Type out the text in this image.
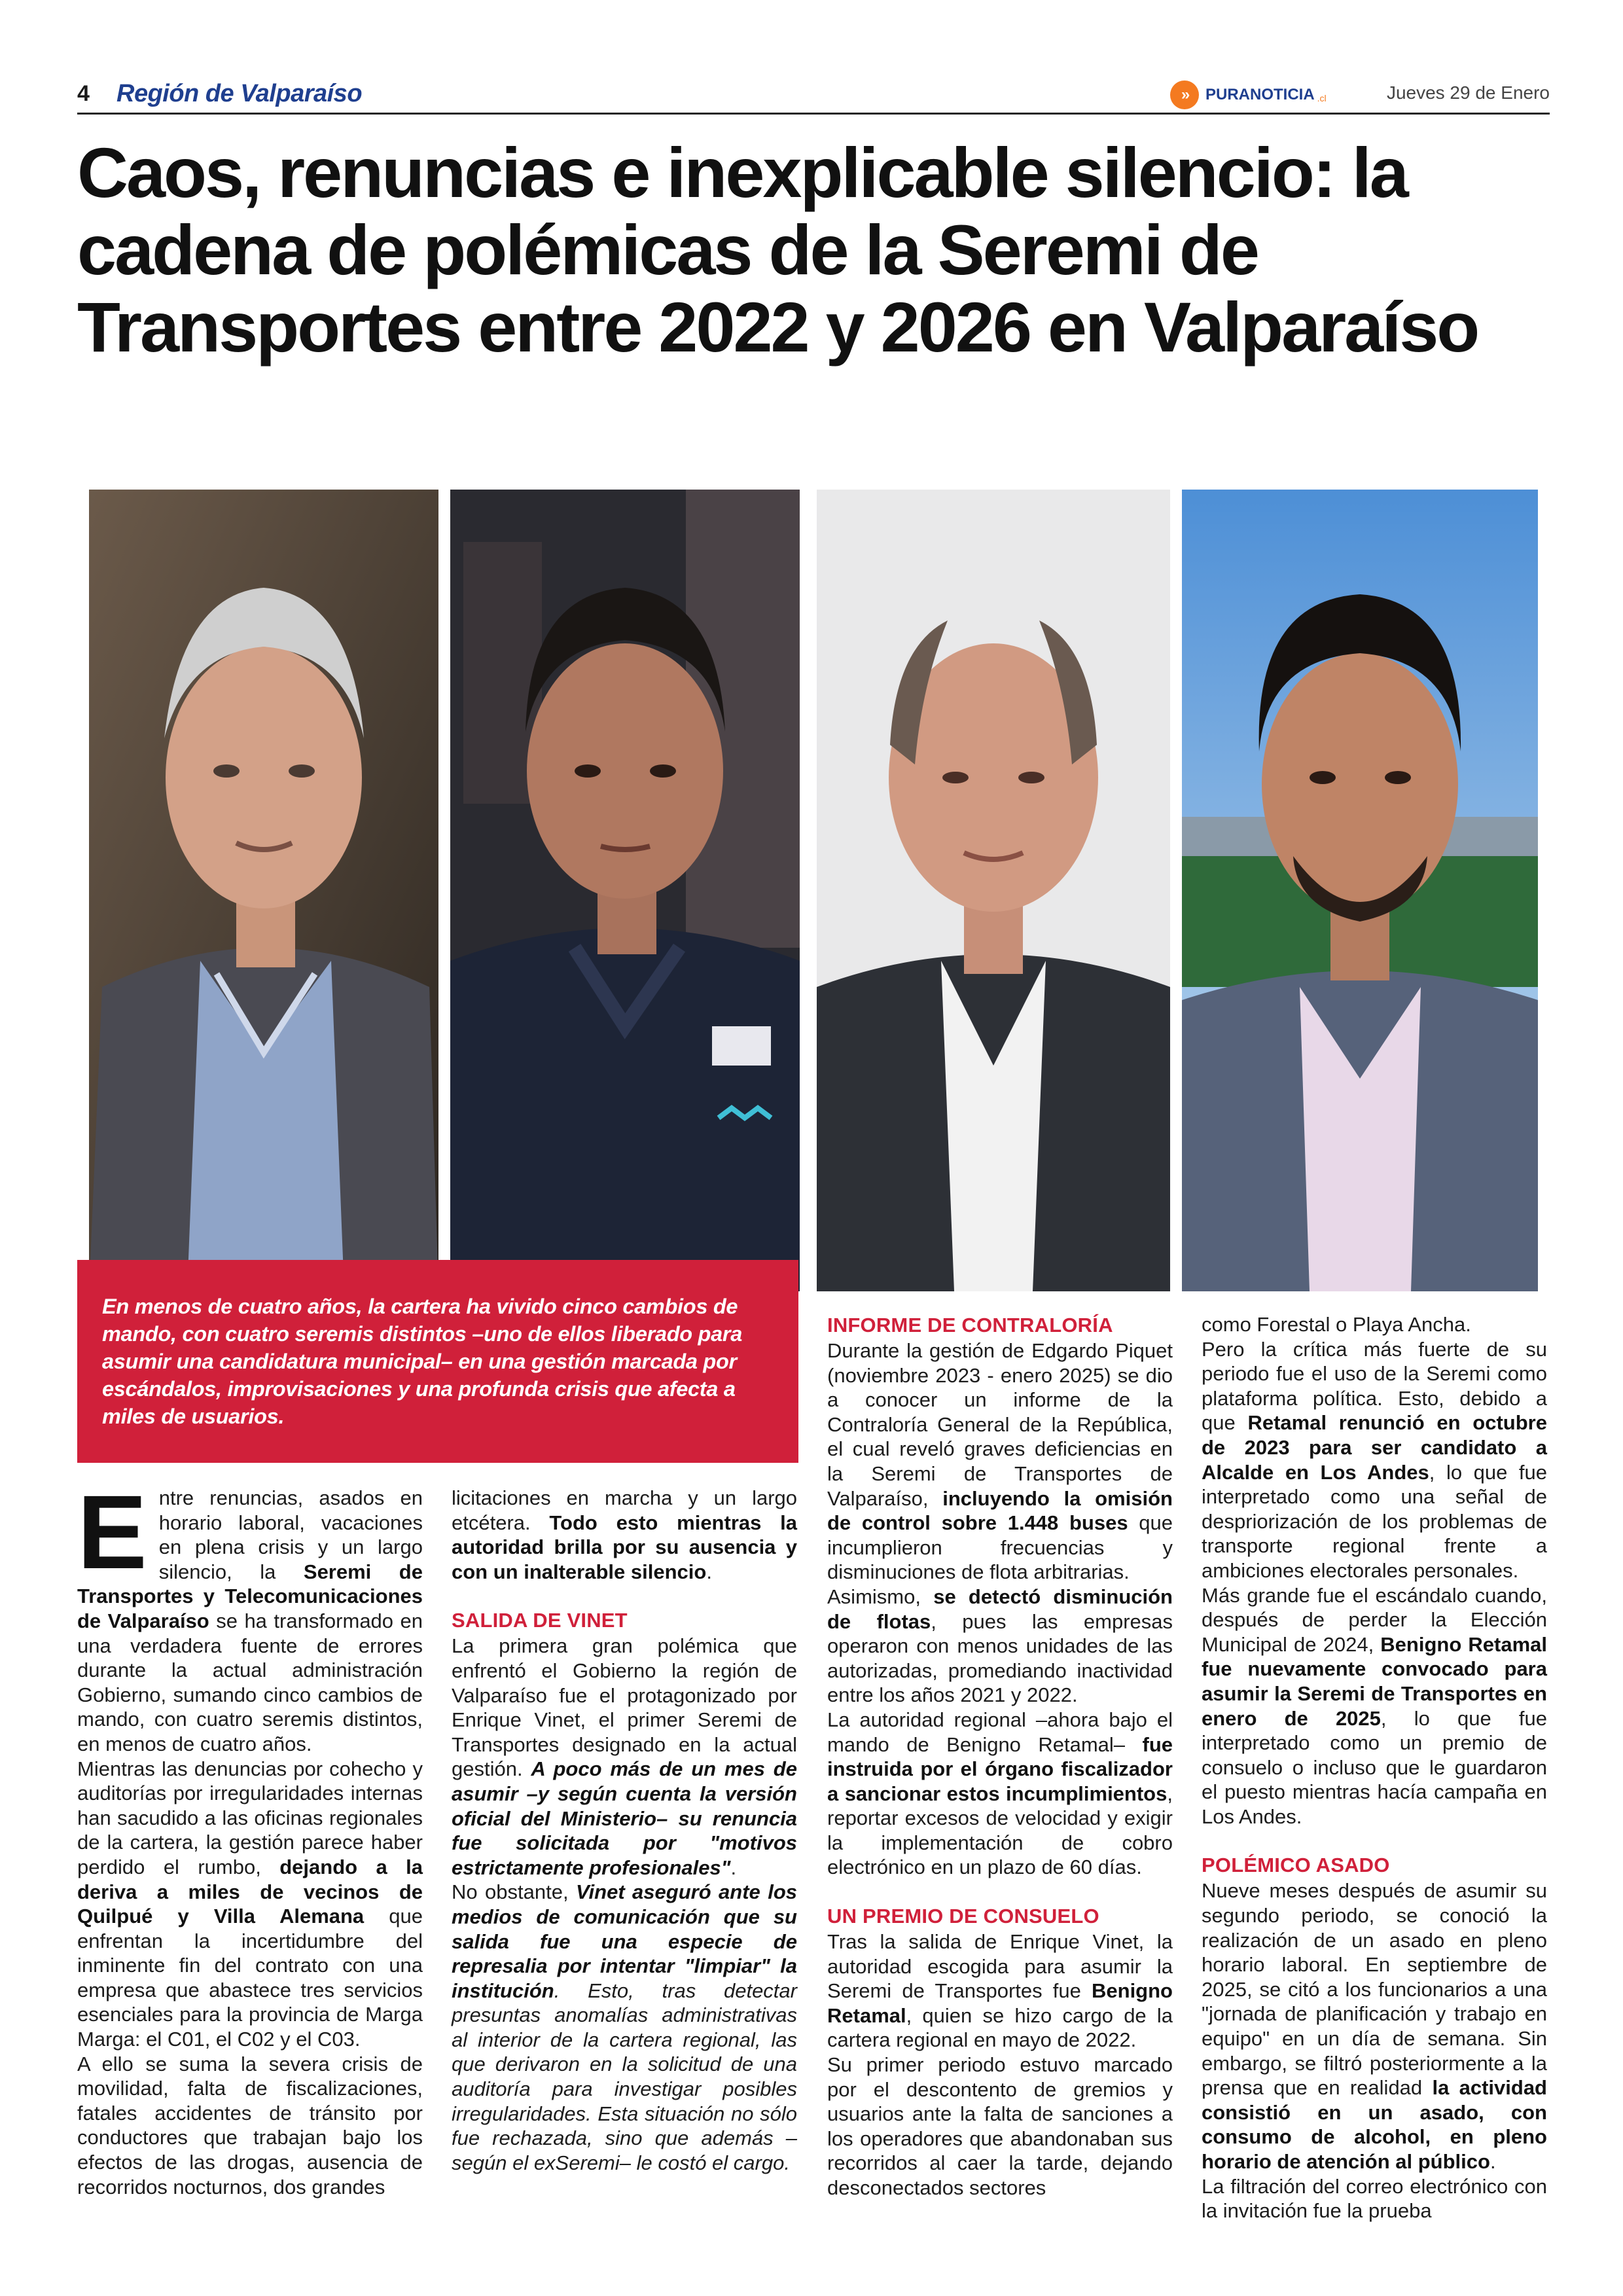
4 Región de Valparaíso	»	PURANOTICIA .cl	Jueves 29 de Enero
Caos, renuncias e inexplicable silencio: la cadena de polémicas de la Seremi de Transportes entre 2022 y 2026 en Valparaíso

En menos de cuatro años, la cartera ha vivido cinco cambios de mando, con cuatro seremis distintos –uno de ellos liberado para asumir una candidatura municipal– en una gestión marcada por escándalos, improvisaciones y una profunda crisis que afecta a miles de usuarios.

Entre renuncias, asados en horario laboral, vacaciones en plena crisis y un largo silencio, la Seremi de Transportes y Telecomunicaciones de Valparaíso se ha transformado en una verdadera fuente de errores durante la actual administración Gobierno, sumando cinco cambios de mando, con cuatro seremis distintos, en menos de cuatro años.

Mientras las denuncias por cohecho y auditorías por irregularidades internas han sacudido a las oficinas regionales de la cartera, la gestión parece haber perdido el rumbo, dejando a la deriva a miles de vecinos de Quilpué y Villa Alemana que enfrentan la incertidumbre del inminente fin del contrato con una empresa que abastece tres servicios esenciales para la provincia de Marga Marga: el C01, el C02 y el C03.

A ello se suma la severa crisis de movilidad, falta de fiscalizaciones, fatales accidentes de tránsito por conductores que trabajan bajo los efectos de las drogas, ausencia de recorridos nocturnos, dos grandes

licitaciones en marcha y un largo etcétera. Todo esto mientras la autoridad brilla por su ausencia y con un inalterable silencio.

SALIDA DE VINET

La primera gran polémica que enfrentó el Gobierno la región de Valparaíso fue el protagonizado por Enrique Vinet, el primer Seremi de Transportes designado en la actual gestión. A poco más de un mes de asumir –y según cuenta la versión oficial del Ministerio– su renuncia fue solicitada por "motivos estrictamente profesionales".

No obstante, Vinet aseguró ante los medios de comunicación que su salida fue una especie de represalia por intentar "limpiar" la institución. Esto, tras detectar presuntas anomalías administrativas al interior de la cartera regional, las que derivaron en la solicitud de una auditoría para investigar posibles irregularidades. Esta situación no sólo fue rechazada, sino que además –según el exSeremi– le costó el cargo.

INFORME DE CONTRALORÍA

Durante la gestión de Edgardo Piquet (noviembre 2023 - enero 2025) se dio a conocer un informe de la Contraloría General de la República, el cual reveló graves deficiencias en la Seremi de Transportes de Valparaíso, incluyendo la omisión de control sobre 1.448 buses que incumplieron frecuencias y disminuciones de flota arbitrarias.

Asimismo, se detectó disminución de flotas, pues las empresas operaron con menos unidades de las autorizadas, promediando inactividad entre los años 2021 y 2022.

La autoridad regional –ahora bajo el mando de Benigno Retamal– fue instruida por el órgano fiscalizador a sancionar estos incumplimientos, reportar excesos de velocidad y exigir la implementación de cobro electrónico en un plazo de 60 días.

UN PREMIO DE CONSUELO

Tras la salida de Enrique Vinet, la autoridad escogida para asumir la Seremi de Transportes fue Benigno Retamal, quien se hizo cargo de la cartera regional en mayo de 2022.

Su primer periodo estuvo marcado por el descontento de gremios y usuarios ante la falta de sanciones a los operadores que abandonaban sus recorridos al caer la tarde, dejando desconectados sectores

como Forestal o Playa Ancha.

Pero la crítica más fuerte de su periodo fue el uso de la Seremi como plataforma política. Esto, debido a que Retamal renunció en octubre de 2023 para ser candidato a Alcalde en Los Andes, lo que fue interpretado como una señal de despriorización de los problemas de transporte regional frente a ambiciones electorales personales.

Más grande fue el escándalo cuando, después de perder la Elección Municipal de 2024, Benigno Retamal fue nuevamente convocado para asumir la Seremi de Transportes en enero de 2025, lo que fue interpretado como un premio de consuelo o incluso que le guardaron el puesto mientras hacía campaña en Los Andes.

POLÉMICO ASADO

Nueve meses después de asumir su segundo periodo, se conoció la realización de un asado en pleno horario laboral. En septiembre de 2025, se citó a los funcionarios a una "jornada de planificación y trabajo en equipo" en un día de semana. Sin embargo, se filtró posteriormente a la prensa que en realidad la actividad consistió en un asado, con consumo de alcohol, en pleno horario de atención al público.

La filtración del correo electrónico con la invitación fue la prueba
